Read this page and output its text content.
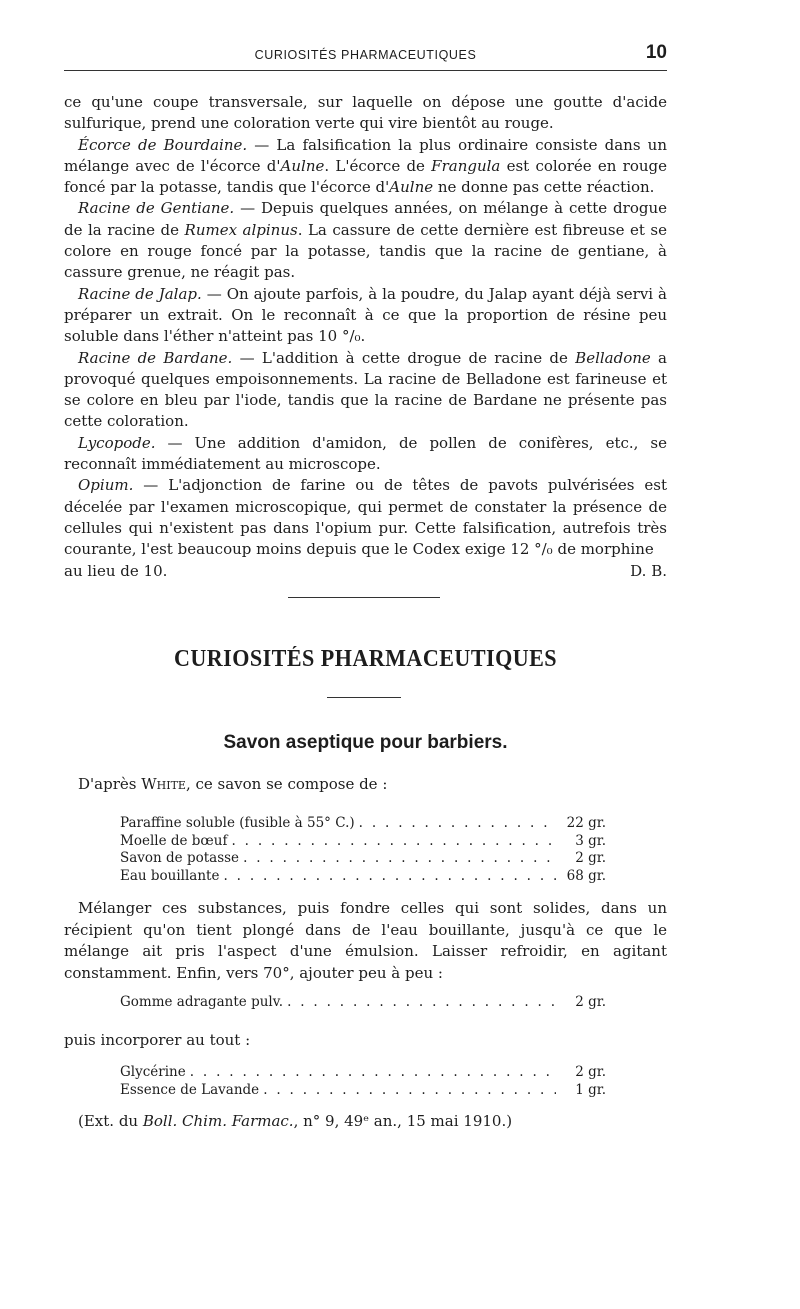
CURIOSITÉS PHARMACEUTIQUES	10

ce qu'une coupe transversale, sur laquelle on dépose une goutte d'acide sulfurique, prend une coloration verte qui vire bientôt au rouge.

Écorce de Bourdaine. — La falsification la plus ordinaire consiste dans un mélange avec de l'écorce d'Aulne. L'écorce de Frangula est colorée en rouge foncé par la potasse, tandis que l'écorce d'Aulne ne donne pas cette réaction.

Racine de Gentiane. — Depuis quelques années, on mélange à cette drogue de la racine de Rumex alpinus. La cassure de cette dernière est fibreuse et se colore en rouge foncé par la potasse, tandis que la racine de gentiane, à cassure grenue, ne réagit pas.

Racine de Jalap. — On ajoute parfois, à la poudre, du Jalap ayant déjà servi à préparer un extrait. On le reconnaît à ce que la proportion de résine peu soluble dans l'éther n'atteint pas 10 °/₀.

Racine de Bardane. — L'addition à cette drogue de racine de Belladone a provoqué quelques empoisonnements. La racine de Belladone est farineuse et se colore en bleu par l'iode, tandis que la racine de Bardane ne présente pas cette coloration.

Lycopode. — Une addition d'amidon, de pollen de conifères, etc., se reconnaît immédiatement au microscope.

Opium. — L'adjonction de farine ou de têtes de pavots pulvérisées est décelée par l'examen microscopique, qui permet de constater la présence de cellules qui n'existent pas dans l'opium pur. Cette falsification, autrefois très courante, l'est beaucoup moins depuis que le Codex exige 12 °/₀ de morphine

au lieu de 10.	D. B.
CURIOSITÉS PHARMACEUTIQUES
Savon aseptique pour barbiers.
D'après White, ce savon se compose de :
Paraffine soluble (fusible à 55° C.) . . .	22 gr.
Moelle de bœuf . . .	3 gr.
Savon de potasse . . .	2 gr.
Eau bouillante . . .	68 gr.

Mélanger ces substances, puis fondre celles qui sont solides, dans un récipient qu'on tient plongé dans de l'eau bouillante, jusqu'à ce que le mélange ait pris l'aspect d'une émulsion. Laisser refroidir, en agitant constamment. Enfin, vers 70°, ajouter peu à peu :

Gomme adragante pulv. . . .	2 gr.

puis incorporer au tout :

Glycérine . . .	2 gr.
Essence de Lavande . . .	1 gr.
(Ext. du Boll. Chim. Farmac., n° 9, 49ᵉ an., 15 mai 1910.)
